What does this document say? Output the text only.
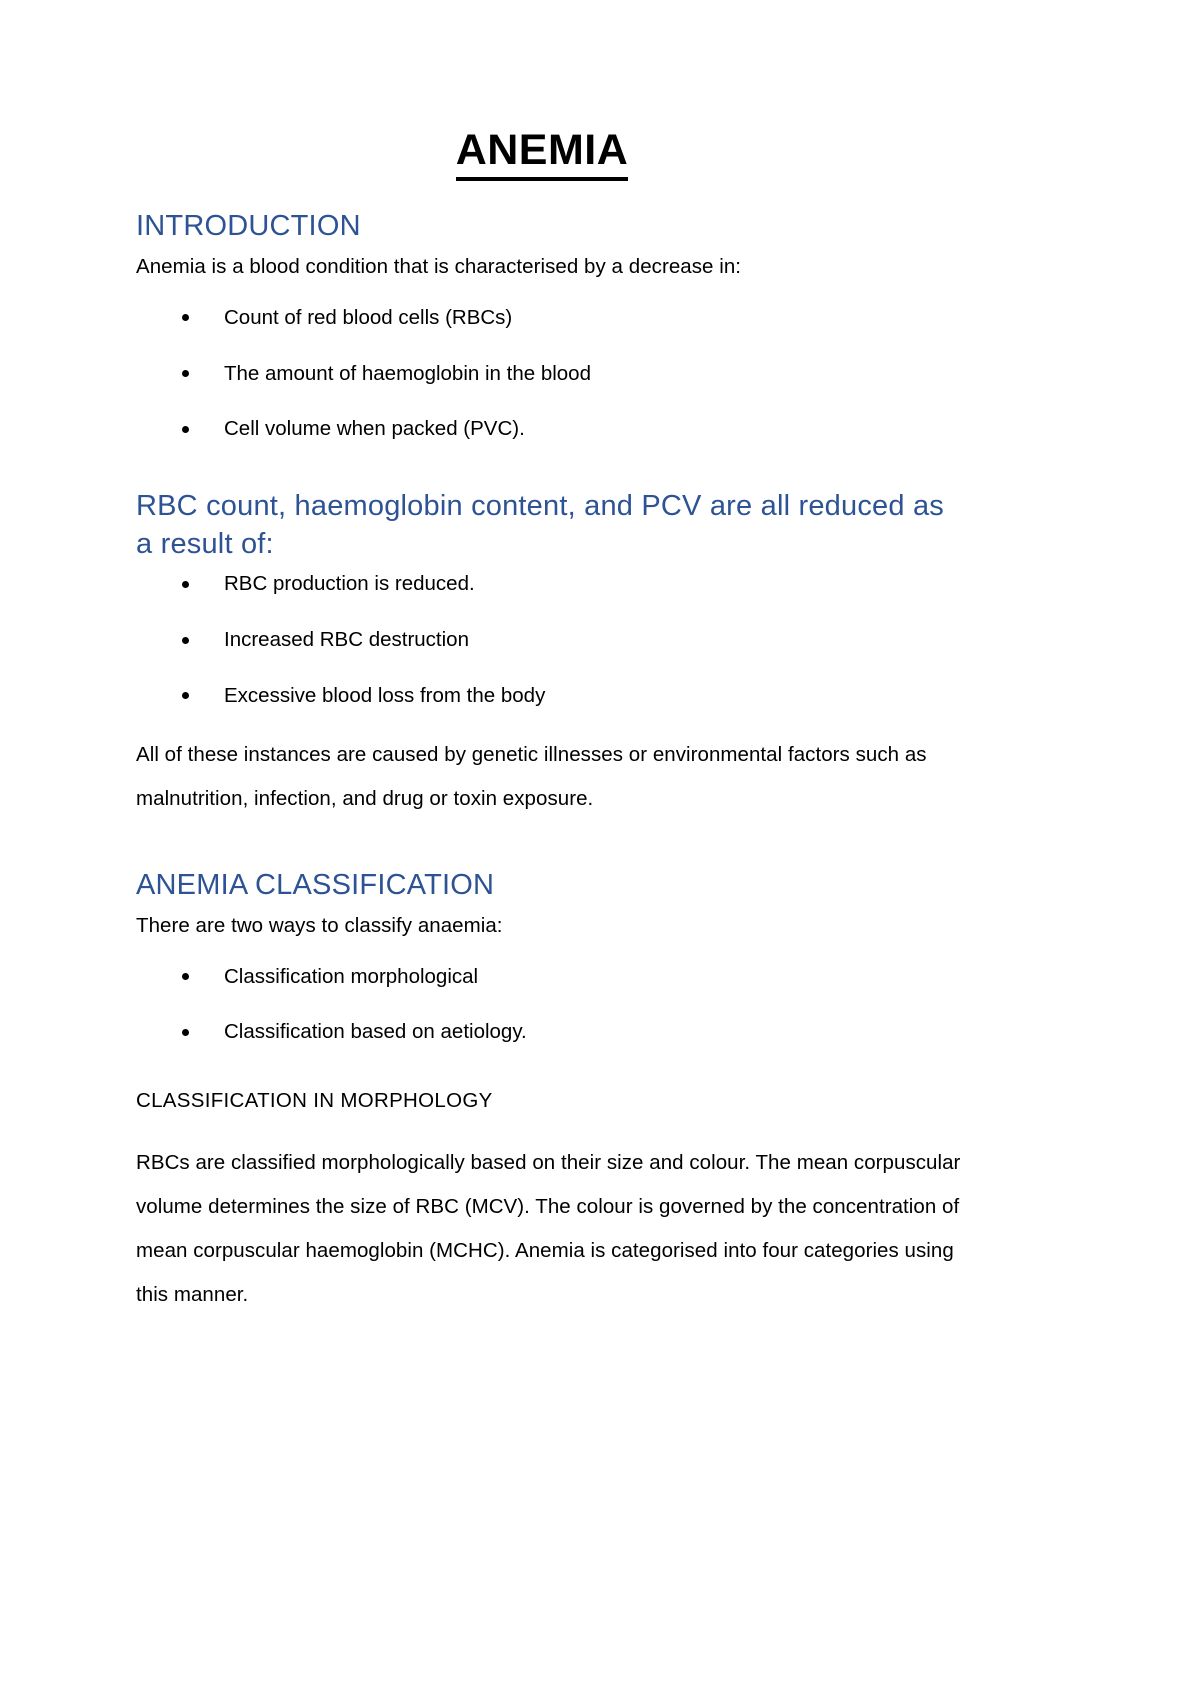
ANEMIA
INTRODUCTION

Anemia is a blood condition that is characterised by a decrease in:

Count of red blood cells (RBCs)
The amount of haemoglobin in the blood
Cell volume when packed (PVC).
RBC count, haemoglobin content, and PCV are all reduced as a result of:
RBC production is reduced.
Increased RBC destruction
Excessive blood loss from the body

All of these instances are caused by genetic illnesses or environmental factors such as malnutrition, infection, and drug or toxin exposure.

ANEMIA CLASSIFICATION

There are two ways to classify anaemia:

Classification morphological
Classification based on aetiology.

CLASSIFICATION IN MORPHOLOGY

RBCs are classified morphologically based on their size and colour. The mean corpuscular volume determines the size of RBC (MCV). The colour is governed by the concentration of mean corpuscular haemoglobin (MCHC). Anemia is categorised into four categories using this manner.
